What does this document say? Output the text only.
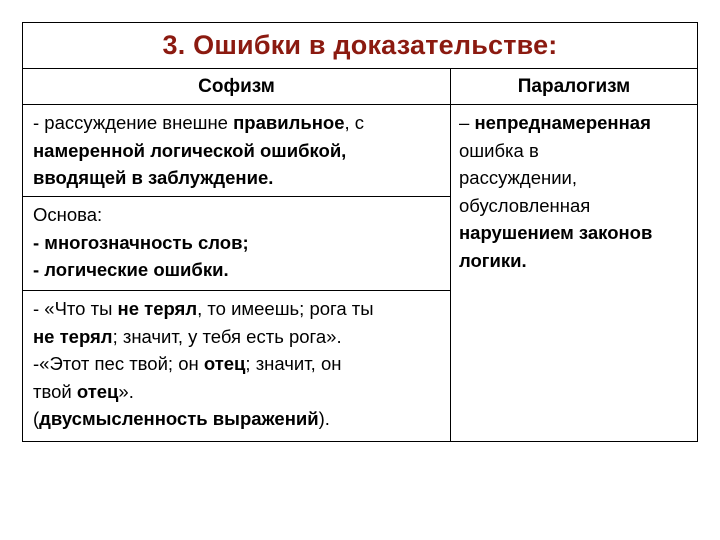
3. Ошибки в доказательстве:
Софизм	Паралогизм
- рассуждение внешне правильное, с
намеренной логической ошибкой,
вводящей в заблуждение.
Основа:
- многозначность слов;
- логические ошибки.
- «Что ты не терял, то имеешь; рога ты
не терял; значит, у тебя есть рога».
-«Этот пес твой; он отец; значит, он
твой отец».
(двусмысленность выражений).
– непреднамеренная
ошибка в
рассуждении,
обусловленная
нарушением законов
логики.
